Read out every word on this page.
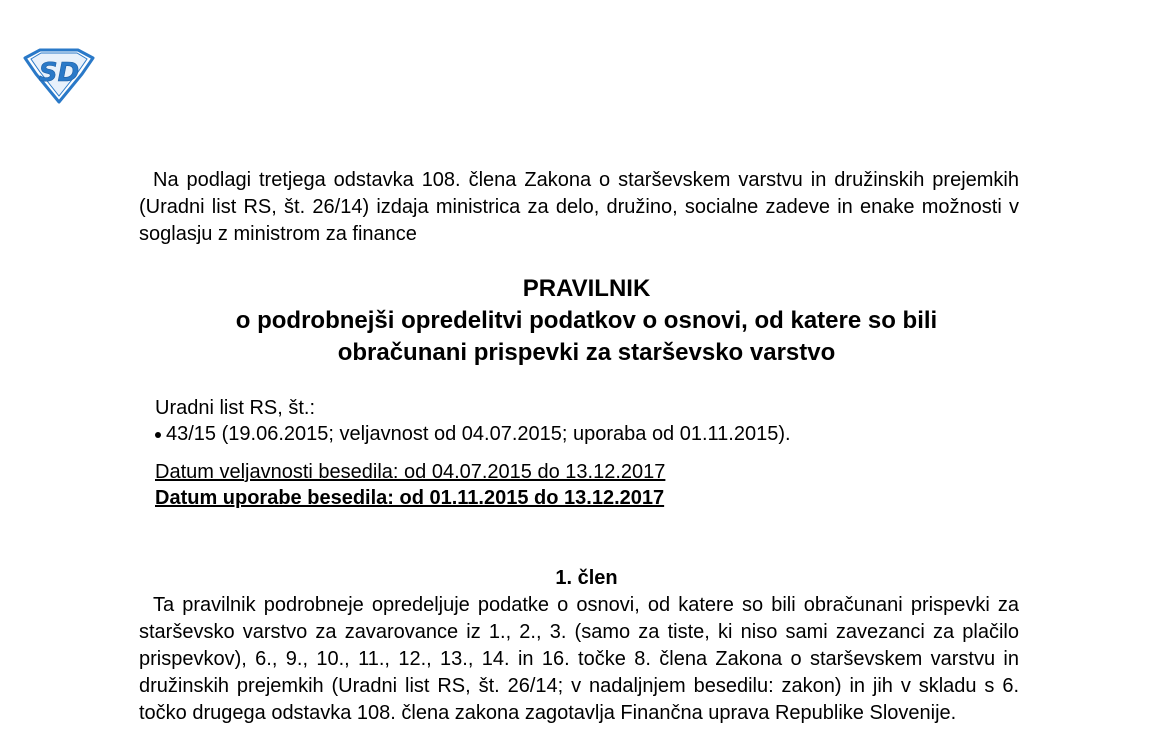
SD
Na podlagi tretjega odstavka 108. člena Zakona o starševskem varstvu in družinskih prejemkih (Uradni list RS, št. 26/14) izdaja ministrica za delo, družino, socialne zadeve in enake možnosti v soglasju z ministrom za finance
PRAVILNIK
o podrobnejši opredelitvi podatkov o osnovi, od katere so bili
obračunani prispevki za starševsko varstvo
Uradni list RS, št.:
43/15 (19.06.2015; veljavnost od 04.07.2015; uporaba od 01.11.2015).
Datum veljavnosti besedila: od 04.07.2015 do 13.12.2017
Datum uporabe besedila: od 01.11.2015 do 13.12.2017
1. člen
Ta pravilnik podrobneje opredeljuje podatke o osnovi, od katere so bili obračunani prispevki za starševsko varstvo za zavarovance iz 1., 2., 3. (samo za tiste, ki niso sami zavezanci za plačilo prispevkov), 6., 9., 10., 11., 12., 13., 14. in 16. točke 8. člena Zakona o starševskem varstvu in družinskih prejemkih (Uradni list RS, št. 26/14; v nadaljnjem besedilu: zakon) in jih v skladu s 6. točko drugega odstavka 108. člena zakona zagotavlja Finančna uprava Republike Slovenije.
